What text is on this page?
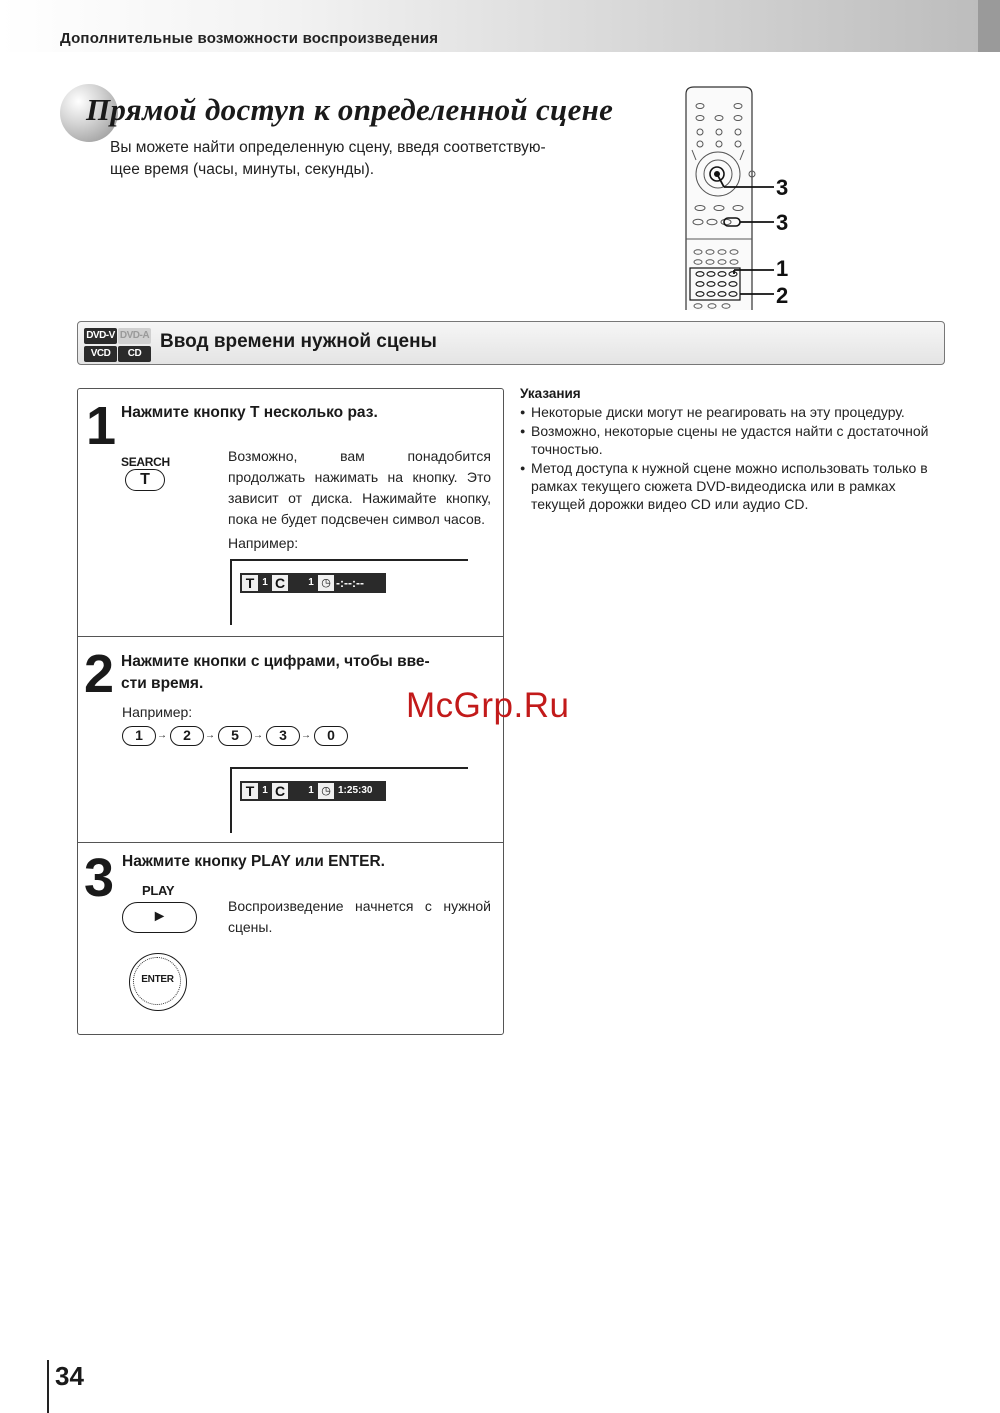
Дополнительные возможности воспроизведения
Прямой доступ к определенной сцене
Вы можете найти определенную сцену, введя соответствую-
щее время (часы, минуты, секунды).
3
3
1
2
DVD-V DVD-A
VCD	CD
Ввод времени нужной сцены
1 Нажмите кнопку T несколько раз.
SEARCH
T
Возможно, вам понадобится продолжать нажимать на кнопку. Это зависит от диска. Нажимайте кнопку, пока не будет подсвечен символ часов.
Например:
T 1 C 1 ◷ -:--:--
2 Нажмите кнопки с цифрами, чтобы вве-
сти время.
Например:
1	→	2	→	5	→	3	→	0
T 1 C 1 ◷ 1:25:30
3 Нажмите кнопку PLAY или ENTER.
PLAY
►
Воспроизведение начнется с нужной сцены.
ENTER
Указания
● Некоторые диски могут не реагировать на эту процедуру.
● Возможно, некоторые сцены не удастся найти с достаточной точностью.
● Метод доступа к нужной сцене можно использовать только в рамках текущего сюжета DVD-видеодиска или в рамках текущей дорожки видео CD или аудио CD.
McGrp.Ru
34
